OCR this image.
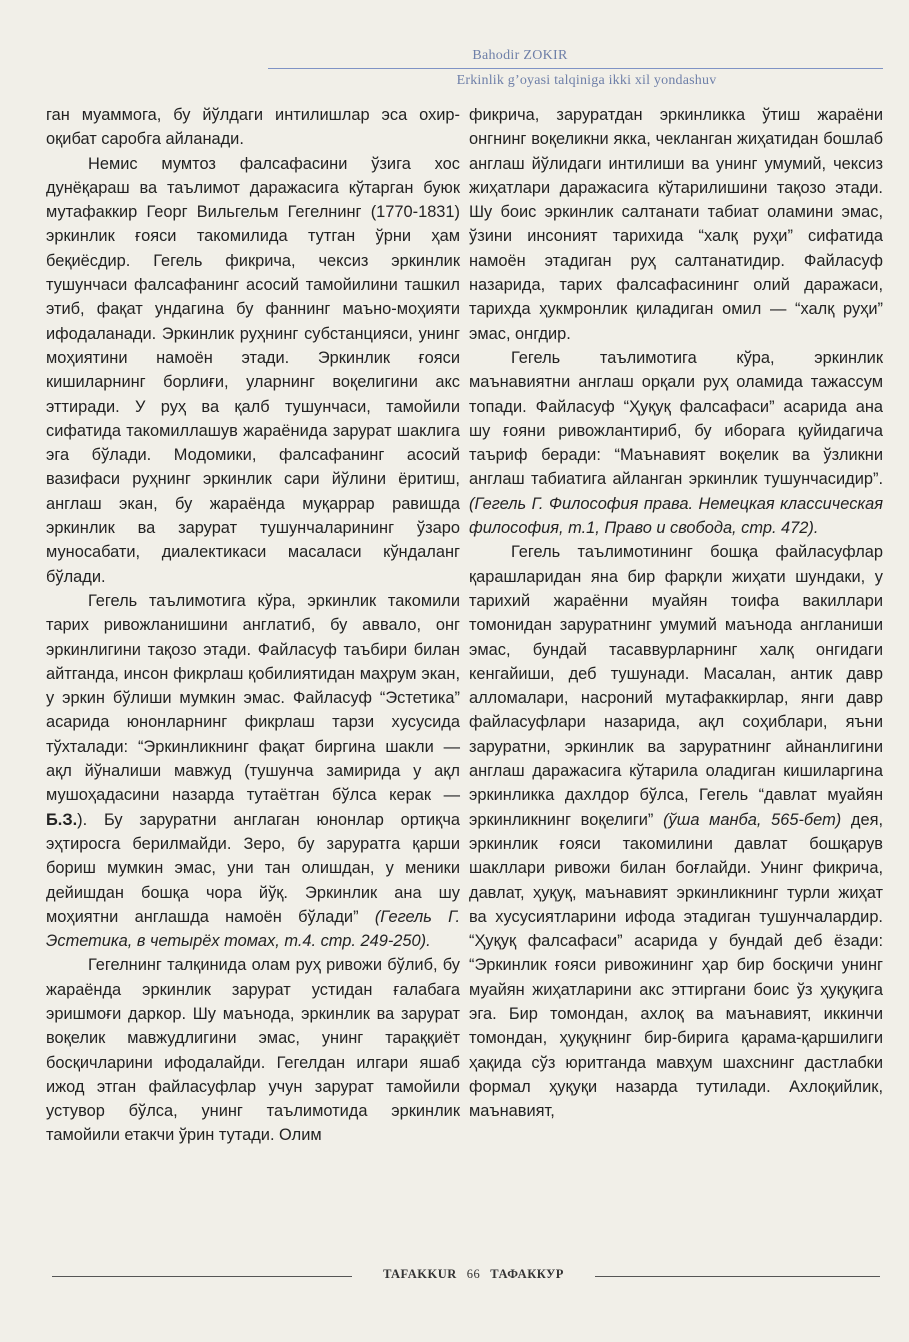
Bahodir ZOKIR
Erkinlik g’oyasi talqiniga ikki xil yondashuv

ган муаммога, бу йўлдаги интилишлар эса охир-оқибат саробга айланади.

Немис мумтоз фалсафасини ўзига хос дунёқараш ва таълимот даражасига кўтарган буюк мутафаккир Георг Вильгельм Гегелнинг (1770-1831) эркинлик ғояси такомилида тутган ўрни ҳам беқиёсдир. Гегель фикрича, чексиз эркинлик тушунчаси фалсафанинг асосий тамойилини ташкил этиб, фақат ундагина бу фаннинг маъно-моҳияти ифодаланади. Эркинлик руҳнинг субстанцияси, унинг моҳиятини намоён этади. Эркинлик ғояси кишиларнинг борлиғи, уларнинг воқелигини акс эттиради. У руҳ ва қалб тушунчаси, тамойили сифатида такомиллашув жараёнида зарурат шаклига эга бўлади. Модомики, фалсафанинг асосий вазифаси руҳнинг эркинлик сари йўлини ёритиш, англаш экан, бу жараёнда муқаррар равишда эркинлик ва зарурат тушунчаларининг ўзаро муносабати, диалектикаси масаласи кўндаланг бўлади.

Гегель таълимотига кўра, эркинлик такомили тарих ривожланишини англатиб, бу аввало, онг эркинлигини тақозо этади. Файласуф таъбири билан айтганда, инсон фикрлаш қобилиятидан маҳрум экан, у эркин бўлиши мумкин эмас. Файласуф “Эстетика” асарида юнонларнинг фикрлаш тарзи хусусида тўхталади: “Эркинликнинг фақат биргина шакли — ақл йўналиши мавжуд (тушунча замирида у ақл мушоҳадасини назарда тутаётган бўлса керак — Б.З.). Бу заруратни англаган юнонлар ортиқча эҳтиросга берилмайди. Зеро, бу заруратга қарши бориш мумкин эмас, уни тан олишдан, у меники дейишдан бошқа чора йўқ. Эркинлик ана шу моҳиятни англашда намоён бўлади” (Гегель Г. Эстетика, в четырёх томах, т.4. стр. 249-250).

Гегелнинг талқинида олам руҳ ривожи бўлиб, бу жараёнда эркинлик зарурат устидан ғалабага эришмоғи даркор. Шу маънода, эркинлик ва зарурат воқелик мавжудлигини эмас, унинг тараққиёт босқичларини ифодалайди. Гегелдан илгари яшаб ижод этган файласуфлар учун зарурат тамойили устувор бўлса, унинг таълимотида эркинлик тамойили етакчи ўрин тутади. Олим

фикрича, заруратдан эркинликка ўтиш жараёни онгнинг воқеликни якка, чекланган жиҳатидан бошлаб англаш йўлидаги интилиши ва унинг умумий, чексиз жиҳатлари даражасига кўтарилишини тақозо этади. Шу боис эркинлик салтанати табиат оламини эмас, ўзини инсоният тарихида “халқ руҳи” сифатида намоён этадиган руҳ салтанатидир. Файласуф назарида, тарих фалсафасининг олий даражаси, тарихда ҳукмронлик қиладиган омил — “халқ руҳи” эмас, онгдир.

Гегель таълимотига кўра, эркинлик маънавиятни англаш орқали руҳ оламида тажассум топади. Файласуф “Ҳуқуқ фалсафаси” асарида ана шу ғояни ривожлантириб, бу иборага қуйидагича таъриф беради: “Маънавият воқелик ва ўзликни англаш табиатига айланган эркинлик тушунчасидир”. (Гегель Г. Философия права. Немецкая классическая философия, т.1, Право и свобода, стр. 472).

Гегель таълимотининг бошқа файласуфлар қарашларидан яна бир фарқли жиҳати шундаки, у тарихий жараённи муайян тоифа вакиллари томонидан заруратнинг умумий маънода англаниши эмас, бундай тасаввурларнинг халқ онгидаги кенгайиши, деб тушунади. Масалан, антик давр алломалари, насроний мутафаккирлар, янги давр файласуфлари назарида, ақл соҳиблари, яъни заруратни, эркинлик ва заруратнинг айнанлигини англаш даражасига кўтарила оладиган кишиларгина эркинликка дахлдор бўлса, Гегель “давлат муайян эркинликнинг воқелиги” (ўша манба, 565-бет) дея, эркинлик ғояси такомилини давлат бошқарув шакллари ривожи билан боғлайди. Унинг фикрича, давлат, ҳуқуқ, маънавият эркинликнинг турли жиҳат ва хусусиятларини ифода этадиган тушунчалардир. “Ҳуқуқ фалсафаси” асарида у бундай деб ёзади: “Эркинлик ғояси ривожининг ҳар бир босқичи унинг муайян жиҳатларини акс эттиргани боис ўз ҳуқуқига эга. Бир томондан, ахлоқ ва маънавият, иккинчи томондан, ҳуқуқнинг бир-бирига қарама-қаршилиги ҳақида сўз юритганда мавҳум шахснинг дастлабки формал ҳуқуқи назарда тутилади. Ахлоқийлик, маънавият,

TAFAKKUR 66 ТАФАККУР
